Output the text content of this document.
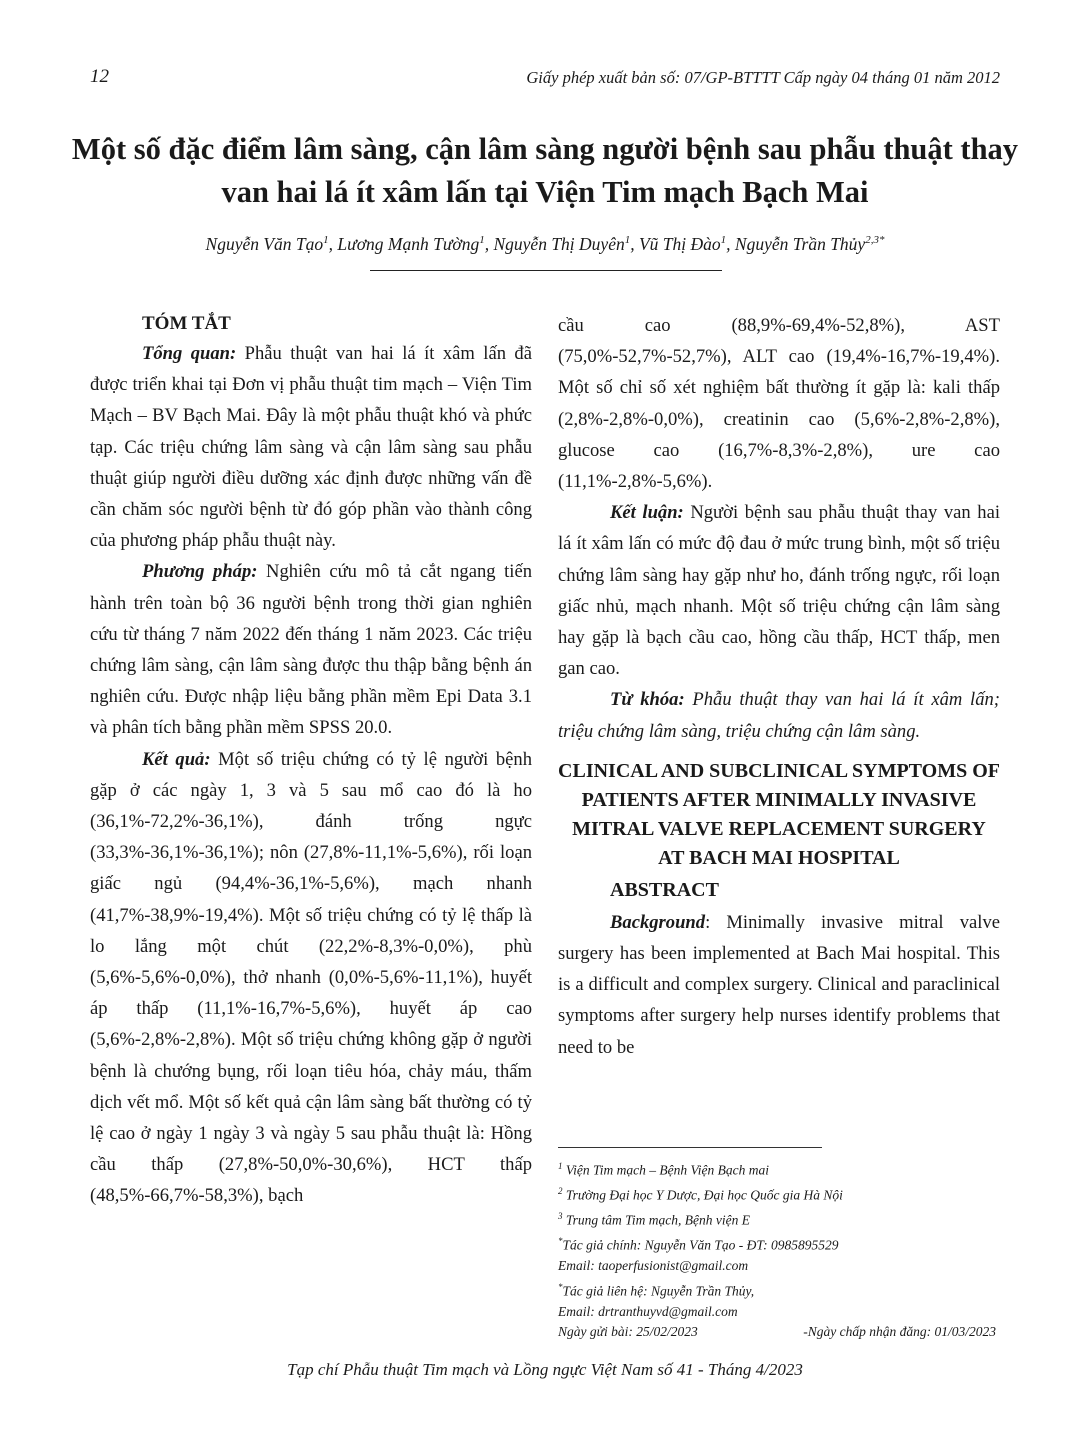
12	Giấy phép xuất bản số: 07/GP-BTTTT Cấp ngày 04 tháng 01 năm 2012
Một số đặc điểm lâm sàng, cận lâm sàng người bệnh sau phẫu thuật thay van hai lá ít xâm lấn tại Viện Tim mạch Bạch Mai
Nguyễn Văn Tạo$^1$, Lương Mạnh Tường$^1$, Nguyễn Thị Duyên$^1$, Vũ Thị Đào$^1$, Nguyễn Trần Thủy$^{2,3*}$
TÓM TẮT

Tổng quan: Phẫu thuật van hai lá ít xâm lấn đã được triển khai tại Đơn vị phẫu thuật tim mạch – Viện Tim Mạch – BV Bạch Mai. Đây là một phẫu thuật khó và phức tạp. Các triệu chứng lâm sàng và cận lâm sàng sau phẫu thuật giúp người điều dưỡng xác định được những vấn đề cần chăm sóc người bệnh từ đó góp phần vào thành công của phương pháp phẫu thuật này.

Phương pháp: Nghiên cứu mô tả cắt ngang tiến hành trên toàn bộ 36 người bệnh trong thời gian nghiên cứu từ tháng 7 năm 2022 đến tháng 1 năm 2023. Các triệu chứng lâm sàng, cận lâm sàng được thu thập bằng bệnh án nghiên cứu. Được nhập liệu bằng phần mềm Epi Data 3.1 và phân tích bằng phần mềm SPSS 20.0.

Kết quả: Một số triệu chứng có tỷ lệ người bệnh gặp ở các ngày 1, 3 và 5 sau mổ cao đó là ho (36,1%-72,2%-36,1%), đánh trống ngực (33,3%-36,1%-36,1%); nôn (27,8%-11,1%-5,6%), rối loạn giấc ngủ (94,4%-36,1%-5,6%), mạch nhanh (41,7%-38,9%-19,4%). Một số triệu chứng có tỷ lệ thấp là lo lắng một chút (22,2%-8,3%-0,0%), phù (5,6%-5,6%-0,0%), thở nhanh (0,0%-5,6%-11,1%), huyết áp thấp (11,1%-16,7%-5,6%), huyết áp cao (5,6%-2,8%-2,8%). Một số triệu chứng không gặp ở người bệnh là chướng bụng, rối loạn tiêu hóa, chảy máu, thấm dịch vết mổ. Một số kết quả cận lâm sàng bất thường có tỷ lệ cao ở ngày 1 ngày 3 và ngày 5 sau phẫu thuật là: Hồng cầu thấp (27,8%-50,0%-30,6%), HCT thấp (48,5%-66,7%-58,3%), bạch

cầu cao (88,9%-69,4%-52,8%), AST (75,0%-52,7%-52,7%), ALT cao (19,4%-16,7%-19,4%). Một số chỉ số xét nghiệm bất thường ít gặp là: kali thấp (2,8%-2,8%-0,0%), creatinin cao (5,6%-2,8%-2,8%), glucose cao (16,7%-8,3%-2,8%), ure cao (11,1%-2,8%-5,6%).

Kết luận: Người bệnh sau phẫu thuật thay van hai lá ít xâm lấn có mức độ đau ở mức trung bình, một số triệu chứng lâm sàng hay gặp như ho, đánh trống ngực, rối loạn giấc nhủ, mạch nhanh. Một số triệu chứng cận lâm sàng hay gặp là bạch cầu cao, hồng cầu thấp, HCT thấp, men gan cao.

Từ khóa: Phẫu thuật thay van hai lá ít xâm lấn; triệu chứng lâm sàng, triệu chứng cận lâm sàng.

CLINICAL AND SUBCLINICAL SYMPTOMS OF PATIENTS AFTER MINIMALLY INVASIVE MITRAL VALVE REPLACEMENT SURGERY AT BACH MAI HOSPITAL
ABSTRACT

Background: Minimally invasive mitral valve surgery has been implemented at Bach Mai hospital. This is a difficult and complex surgery. Clinical and paraclinical symptoms after surgery help nurses identify problems that need to be

$^1$ Viện Tim mạch – Bệnh Viện Bạch mai
$^2$ Trường Đại học Y Dược, Đại học Quốc gia Hà Nội
$^3$ Trung tâm Tim mạch, Bệnh viện E
*Tác giả chính: Nguyễn Văn Tạo - ĐT: 0985895529
Email: taoperfusionist@gmail.com
*Tác giả liên hệ: Nguyễn Trần Thủy,
Email: drtranthuyvd@gmail.com
Ngày gửi bài: 25/02/2023	-Ngày chấp nhận đăng: 01/03/2023
Tạp chí Phẫu thuật Tim mạch và Lồng ngực Việt Nam số 41 - Tháng 4/2023
